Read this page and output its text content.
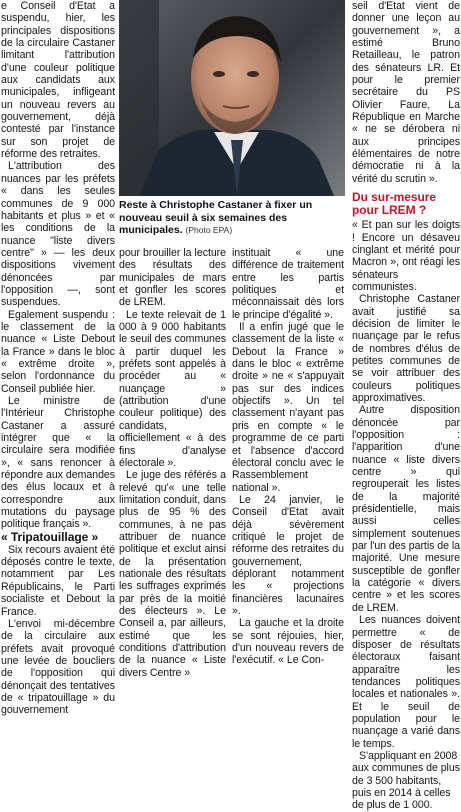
e Conseil d'Etat a suspendu, hier, les principales dispositions de la circulaire Castaner limitant l'attribution d'une couleur politique aux candidats aux municipales, infligeant un nouveau revers au gouvernement, déjà contesté par l'instance sur son projet de réforme des retraites.

L'attribution des nuances par les préfets « dans les seules communes de 9 000 habitants et plus » et « les conditions de la nuance "liste divers centre" » — les deux dispositions vivement dénoncées par l'opposition —, sont suspendues.

Egalement suspendu : le classement de la nuance « Liste Debout la France » dans le bloc « extrême droite », selon l'ordonnance du Conseil publiée hier.

Le ministre de l'Intérieur Christophe Castaner a assuré intégrer que « la circulaire sera modifiée », « sans renoncer à répondre aux demandes des élus locaux et à correspondre aux mutations du paysage politique français ».

« Tripatouillage »

Six recours avaient été déposés contre le texte, notamment par Les Républicains, le Parti socialiste et Debout la France.

L'envoi mi-décembre de la circulaire aux préfets avait provoqué une levée de boucliers de l'opposition qui dénonçait des tentatives de « tripatouillage » du gouvernement

Reste à Christophe Castaner à fixer un nouveau seuil à six semaines des municipales. (Photo EPA)

pour brouiller la lecture des résultats des municipales de mars et gonfler les scores de LREM.

Le texte relevait de 1 000 à 9 000 habitants le seuil des communes à partir duquel les préfets sont appelés à procéder au « nuançage » (attribution d'une couleur politique) des candidats, officiellement « à des fins d'analyse électorale ».

Le juge des référés a relevé qu'« une telle limitation conduit, dans plus de 95 % des communes, à ne pas attribuer de nuance politique et exclut ainsi de la présentation nationale des résultats les suffrages exprimés par près de la moitié des électeurs ». Le Conseil a, par ailleurs, estimé que les conditions d'attribution de la nuance « Liste divers Centre »

instituait « une différence de traitement entre les partis politiques et méconnaissait dès lors le principe d'égalité ».

Il a enfin jugé que le classement de la liste « Debout la France » dans le bloc « extrême droite » ne « s'appuyait pas sur des indices objectifs ». Un tel classement n'ayant pas pris en compte « le programme de ce parti et l'absence d'accord électoral conclu avec le Rassemblement national ».

Le 24 janvier, le Conseil d'Etat avait déjà sévèrement critiqué le projet de réforme des retraites du gouvernement, déplorant notamment les « projections financières lacunaires ».

La gauche et la droite se sont réjouies, hier, d'un nouveau revers de l'exécutif. « Le Con-

seil d'Etat vient de donner une leçon au gouvernement », a estimé Bruno Retailleau, le patron des sénateurs LR. Et pour le premier secrétaire du PS Olivier Faure, La République en Marche « ne se dérobera ni aux principes élémentaires de notre démocratie ni à la vérité du scrutin ».

Du sur-mesure

pour LREM ?

« Et pan sur les doigts ! Encore un désaveu cinglant et mérité pour Macron », ont réagi les sénateurs communistes.

Christophe Castaner avait justifié sa décision de limiter le nuançage par le refus de nombres d'élus de petites communes de se voir attribuer des couleurs politiques approximatives.

Autre disposition dénoncée par l'opposition : l'apparition d'une nuance « liste divers centre » qui regrouperait les listes de la majorité présidentielle, mais aussi celles simplement soutenues par l'un des partis de la majorité. Une mesure susceptible de gonfler la catégorie « divers centre » et les scores de LREM.

Les nuances doivent permettre « de disposer de résultats électoraux faisant apparaître les tendances politiques locales et nationales ». Et le seuil de population pour le nuançage a varié dans le temps.

S'appliquant en 2008 aux communes de plus de 3 500 habitants, puis en 2014 à celles de plus de 1 000.
